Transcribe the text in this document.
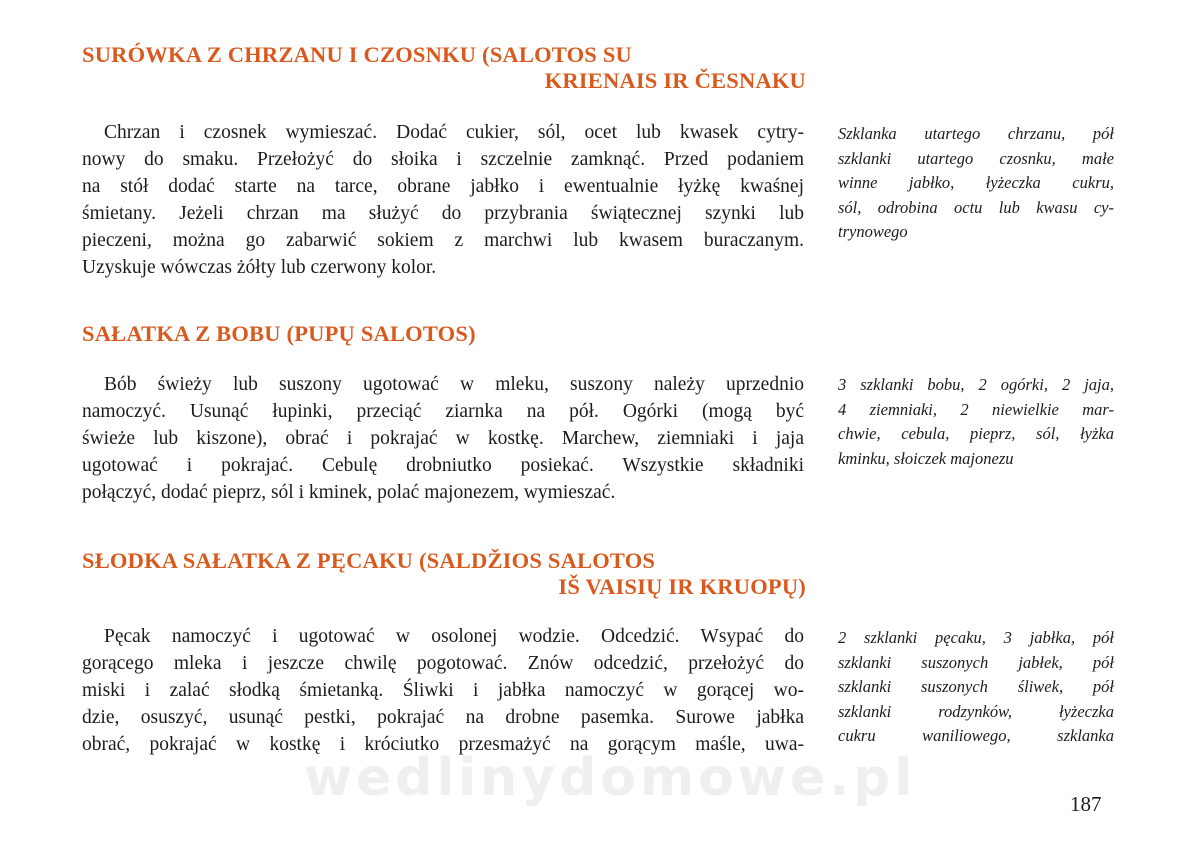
SURÓWKA Z CHRZANU I CZOSNKU (SALOTOS SU
KRIENAIS IR ČESNAKU
Chrzan i czosnek wymieszać. Dodać cukier, sól, ocet lub kwasek cytry-
nowy do smaku. Przełożyć do słoika i szczelnie zamknąć. Przed podaniem
na stół dodać starte na tarce, obrane jabłko i ewentualnie łyżkę kwaśnej
śmietany. Jeżeli chrzan ma służyć do przybrania świątecznej szynki lub
pieczeni, można go zabarwić sokiem z marchwi lub kwasem buraczanym.
Uzyskuje wówczas żółty lub czerwony kolor.
Szklanka utartego chrzanu, pół
szklanki utartego czosnku, małe
winne jabłko, łyżeczka cukru,
sól, odrobina octu lub kwasu cy-
trynowego
SAŁATKA Z BOBU (PUPŲ SALOTOS)
Bób świeży lub suszony ugotować w mleku, suszony należy uprzednio
namoczyć. Usunąć łupinki, przeciąć ziarnka na pół. Ogórki (mogą być
świeże lub kiszone), obrać i pokrajać w kostkę. Marchew, ziemniaki i jaja
ugotować i pokrajać. Cebulę drobniutko posiekać. Wszystkie składniki
połączyć, dodać pieprz, sól i kminek, polać majonezem, wymieszać.
3 szklanki bobu, 2 ogórki, 2 jaja,
4 ziemniaki, 2 niewielkie mar-
chwie, cebula, pieprz, sól, łyżka
kminku, słoiczek majonezu
SŁODKA SAŁATKA Z PĘCAKU (SALDŽIOS SALOTOS
IŠ VAISIŲ IR KRUOPŲ)
Pęcak namoczyć i ugotować w osolonej wodzie. Odcedzić. Wsypać do
gorącego mleka i jeszcze chwilę pogotować. Znów odcedzić, przełożyć do
miski i zalać słodką śmietanką. Śliwki i jabłka namoczyć w gorącej wo-
dzie, osuszyć, usunąć pestki, pokrajać na drobne pasemka. Surowe jabłka
obrać, pokrajać w kostkę i króciutko przesmażyć na gorącym maśle, uwa-
2 szklanki pęcaku, 3 jabłka, pół
szklanki suszonych jabłek, pół
szklanki suszonych śliwek, pół
szklanki rodzynków, łyżeczka
cukru waniliowego, szklanka
wedlinydomowe.pl	187
